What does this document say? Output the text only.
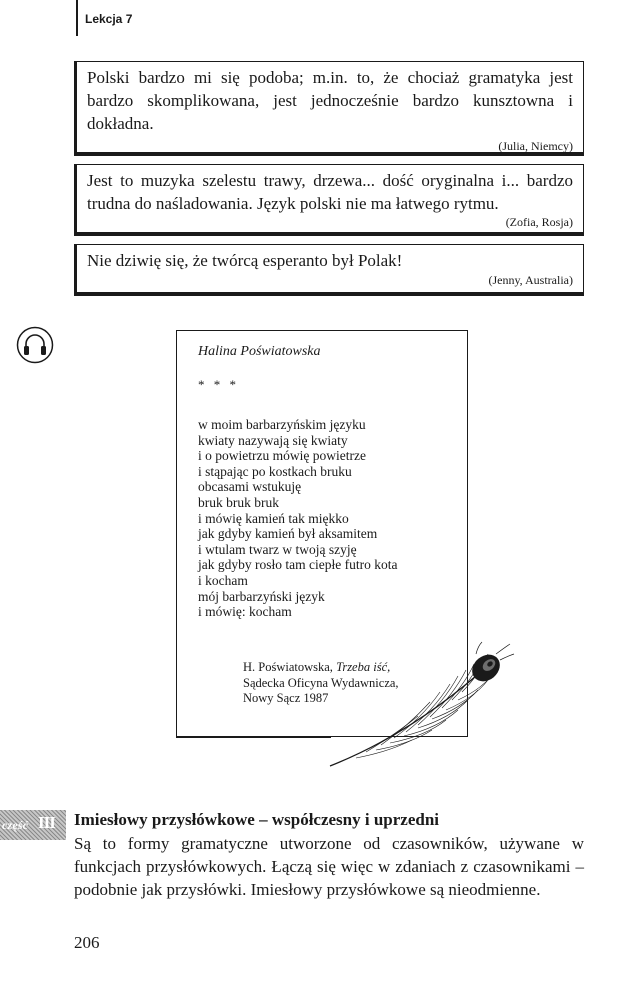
Lekcja 7

Polski bardzo mi się podoba; m.in. to, że chociaż gramatyka jest bardzo skomplikowana, jest jednocześnie bardzo kunsztowna i dokładna.

(Julia, Niemcy)

Jest to muzyka szelestu trawy, drzewa... dość oryginalna i... bardzo trudna do naśladowania. Język polski nie ma łatwego rytmu.

(Zofia, Rosja)

Nie dziwię się, że twórcą esperanto był Polak!

(Jenny, Australia)

Halina Poświatowska
* * *
w moim barbarzyńskim języku
kwiaty nazywają się kwiaty
i o powietrzu mówię powietrze
i stąpając po kostkach bruku
obcasami wstukuję
bruk bruk bruk
i mówię kamień tak miękko
jak gdyby kamień był aksamitem
i wtulam twarz w twoją szyję
jak gdyby rosło tam ciepłe futro kota
i kocham
mój barbarzyński język
i mówię: kocham
H. Poświatowska, Trzeba iść,
Sądecka Oficyna Wydawnicza,
Nowy Sącz 1987
część III Imiesłowy przysłówkowe – współczesny i uprzedni

Są to formy gramatyczne utworzone od czasowników, używane w funkcjach przysłówkowych. Łączą się więc w zdaniach z czasownikami – podobnie jak przysłówki. Imiesłowy przysłówkowe są nieodmienne.

206
